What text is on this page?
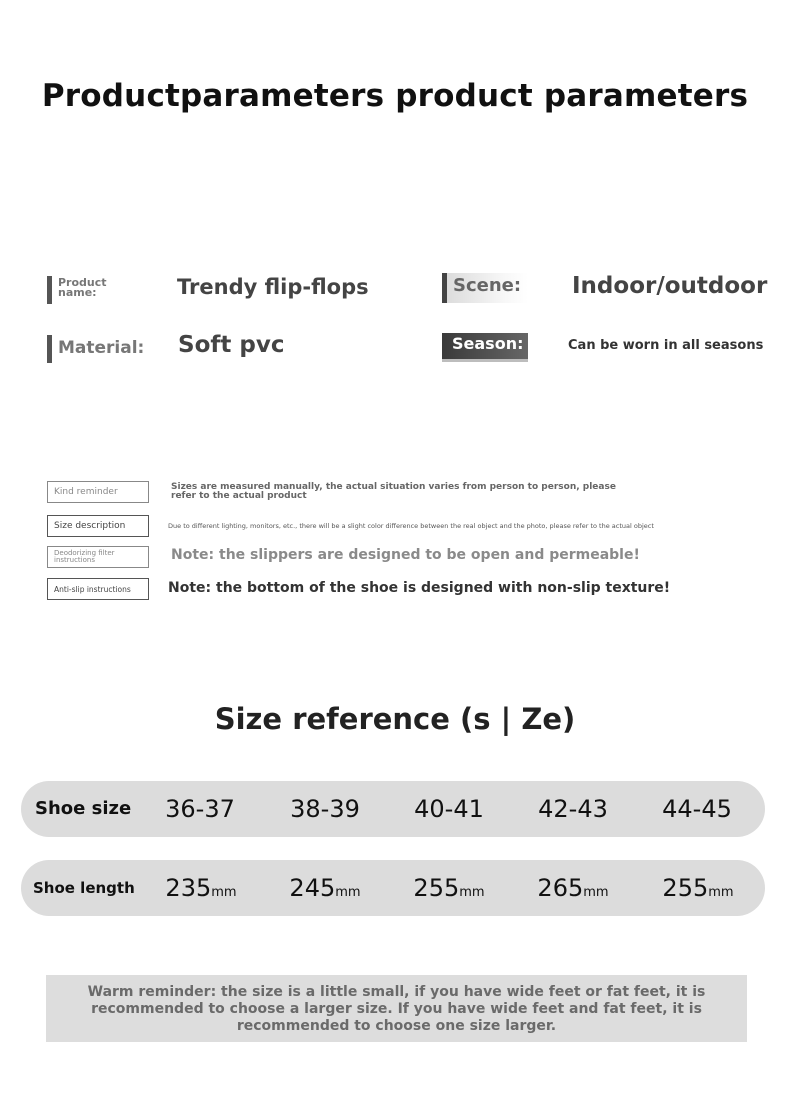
Productparameters product parameters
Product name:	Trendy flip-flops	Scene:	Indoor/outdoor
Material: Soft pvc	Season:	Can be worn in all seasons
Kind reminder	Sizes are measured manually, the actual situation varies from person to person, please refer to the actual product
Size description	Due to different lighting, monitors, etc., there will be a slight color difference between the real object and the photo, please refer to the actual object
Deodorizing filter instructions	Note: the slippers are designed to be open and permeable!
Anti-slip instructions	Note: the bottom of the shoe is designed with non-slip texture!
Size reference (s | Ze)
Shoe size	36-37	38-39	40-41	42-43	44-45
Shoe length	235mm	245mm	255mm	265mm	255mm
Warm reminder: the size is a little small, if you have wide feet or fat feet, it is recommended to choose a larger size. If you have wide feet and fat feet, it is recommended to choose one size larger.
